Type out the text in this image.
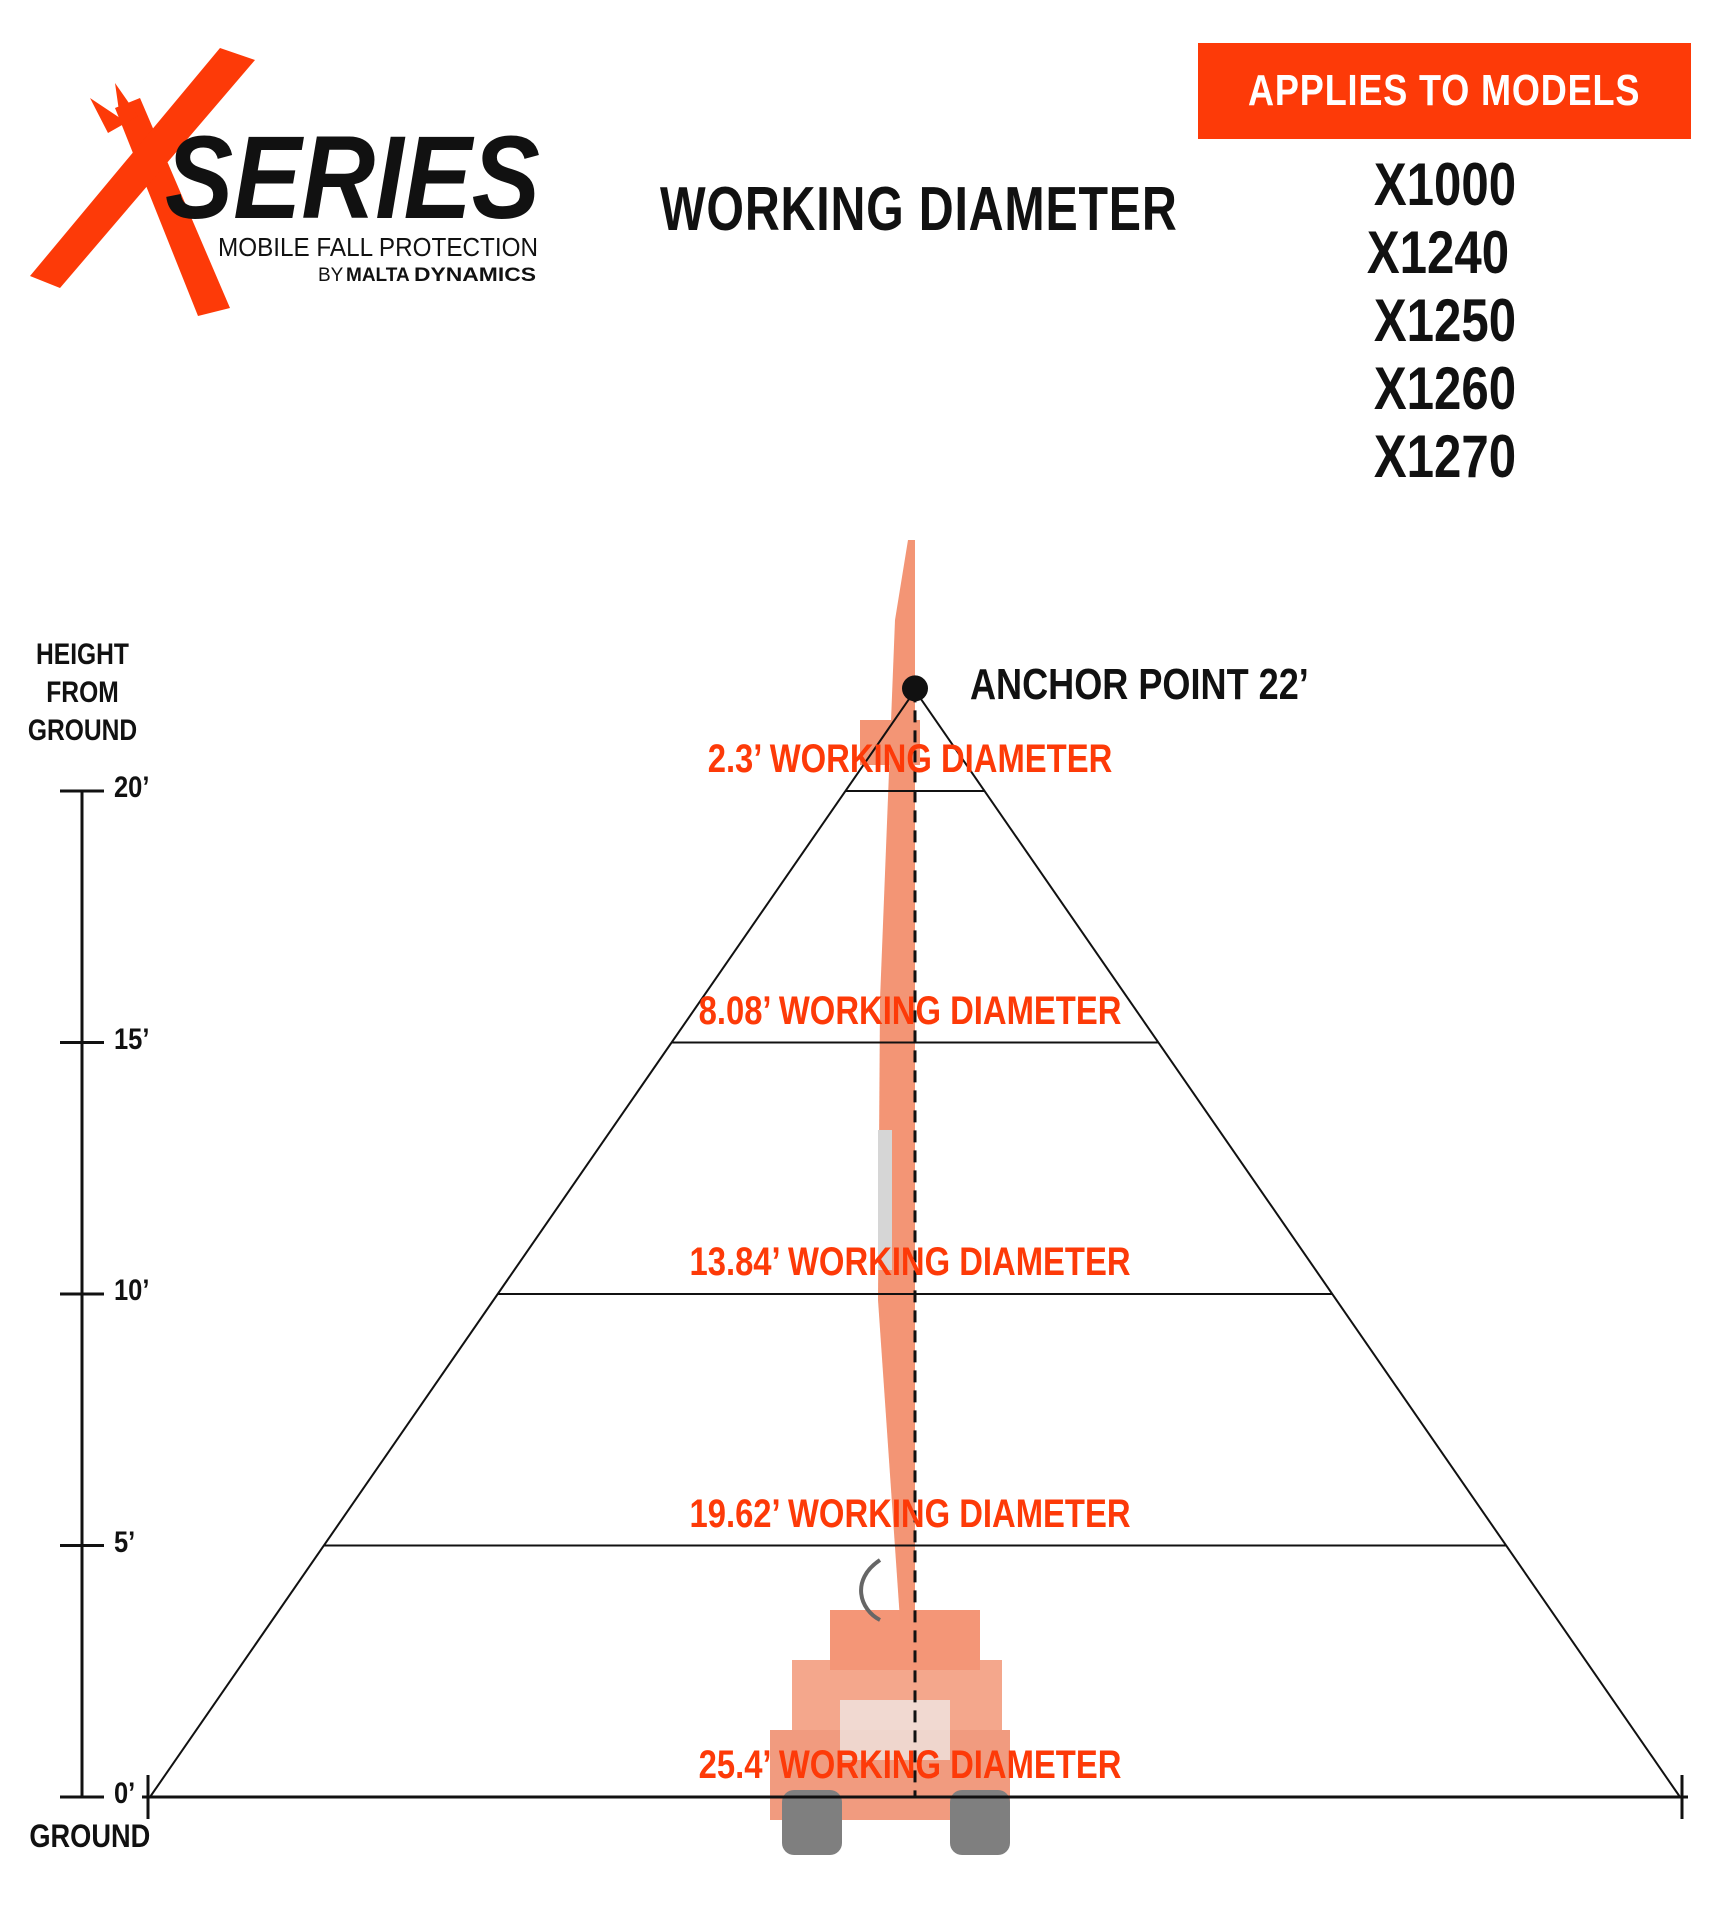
SERIES
MOBILE FALL PROTECTION
BY MALTA DYNAMICS
WORKING DIAMETER
APPLIES TO MODELS
X1000
X1240
X1250
X1260
X1270
ANCHOR POINT 22’
HEIGHT
FROM
GROUND
20’
15’
10’
5’
0’
GROUND
2.3’ WORKING DIAMETER
8.08’ WORKING DIAMETER
13.84’ WORKING DIAMETER
19.62’ WORKING DIAMETER
25.4’ WORKING DIAMETER
